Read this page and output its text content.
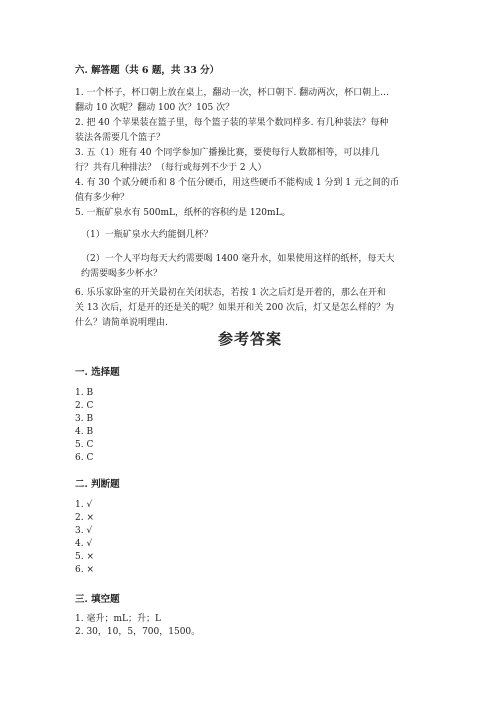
六. 解答题（共 6 题，共 33 分）
1. 一个杯子，杯口朝上放在桌上，翻动一次，杯口朝下. 翻动两次，杯口朝上…
翻动 10 次呢？翻动 100 次？105 次？
2. 把 40 个苹果装在篮子里，每个篮子装的苹果个数同样多. 有几种装法？每种
装法各需要几个篮子？
3. 五（1）班有 40 个同学参加广播操比赛，要使每行人数都相等，可以排几
行？共有几种排法？（每行或每列不少于 2 人）
4. 有 30 个贰分硬币和 8 个伍分硬币，用这些硬币不能构成 1 分到 1 元之间的币
值有多少种？
5. 一瓶矿泉水有 500mL，纸杯的容积约是 120mL。
（1）一瓶矿泉水大约能倒几杯？
（2）一个人平均每天大约需要喝 1400 毫升水，如果使用这样的纸杯，每天大
约需要喝多少杯水？
6. 乐乐家卧室的开关最初在关闭状态，若按 1 次之后灯是开着的，那么在开和
关 13 次后，灯是开的还是关的呢？如果开和关 200 次后，灯又是怎么样的？为
什么？请简单说明理由.
参考答案
一. 选择题
1. B
2. C
3. B
4. B
5. C
6. C
二. 判断题
1. √
2. ×
3. √
4. √
5. ×
6. ×
三. 填空题
1. 毫升；mL；升；L
2. 30，10，5，700，1500。
